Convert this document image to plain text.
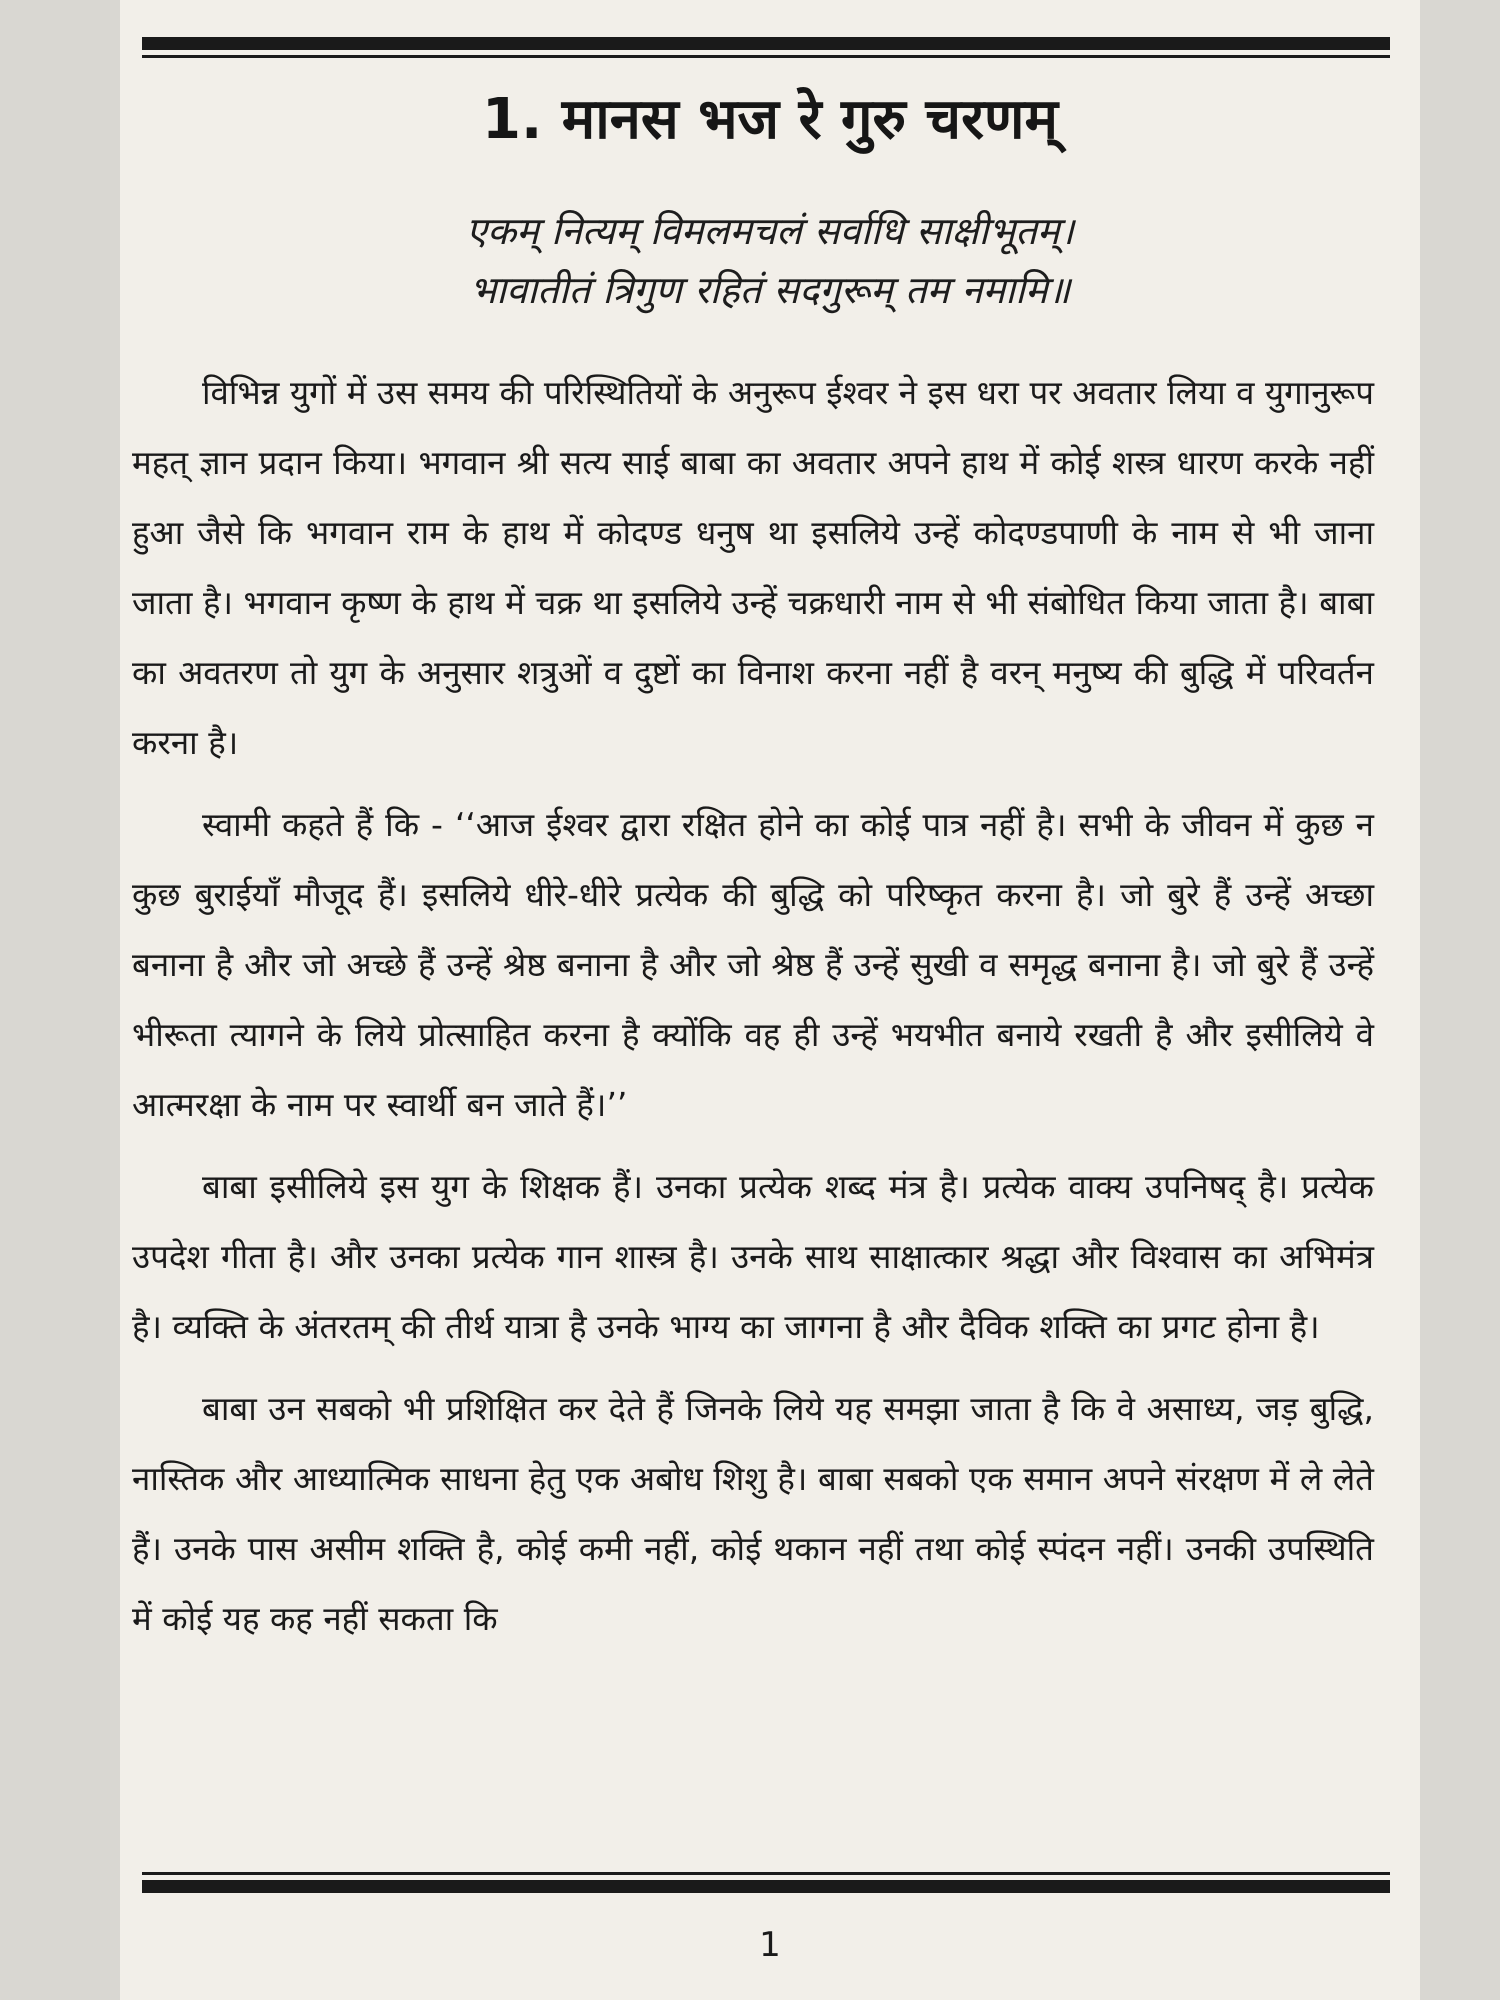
1. मानस भज रे गुरु चरणम्
एकम् नित्यम् विमलमचलं सर्वाधि साक्षीभूतम्।
भावातीतं त्रिगुण रहितं सदगुरूम् तम नमामि॥

विभिन्न युगों में उस समय की परिस्थितियों के अनुरूप ईश्वर ने इस धरा पर अवतार लिया व युगानुरूप महत् ज्ञान प्रदान किया। भगवान श्री सत्य साई बाबा का अवतार अपने हाथ में कोई शस्त्र धारण करके नहीं हुआ जैसे कि भगवान राम के हाथ में कोदण्ड धनुष था इसलिये उन्हें कोदण्डपाणी के नाम से भी जाना जाता है। भगवान कृष्ण के हाथ में चक्र था इसलिये उन्हें चक्रधारी नाम से भी संबोधित किया जाता है। बाबा का अवतरण तो युग के अनुसार शत्रुओं व दुष्टों का विनाश करना नहीं है वरन् मनुष्य की बुद्धि में परिवर्तन करना है।

स्वामी कहते हैं कि - ‘‘आज ईश्वर द्वारा रक्षित होने का कोई पात्र नहीं है। सभी के जीवन में कुछ न कुछ बुराईयाँ मौजूद हैं। इसलिये धीरे-धीरे प्रत्येक की बुद्धि को परिष्कृत करना है। जो बुरे हैं उन्हें अच्छा बनाना है और जो अच्छे हैं उन्हें श्रेष्ठ बनाना है और जो श्रेष्ठ हैं उन्हें सुखी व समृद्ध बनाना है। जो बुरे हैं उन्हें भीरूता त्यागने के लिये प्रोत्साहित करना है क्योंकि वह ही उन्हें भयभीत बनाये रखती है और इसीलिये वे आत्मरक्षा के नाम पर स्वार्थी बन जाते हैं।’’

बाबा इसीलिये इस युग के शिक्षक हैं। उनका प्रत्येक शब्द मंत्र है। प्रत्येक वाक्य उपनिषद् है। प्रत्येक उपदेश गीता है। और उनका प्रत्येक गान शास्त्र है। उनके साथ साक्षात्कार श्रद्धा और विश्वास का अभिमंत्र है। व्यक्ति के अंतरतम् की तीर्थ यात्रा है उनके भाग्य का जागना है और दैविक शक्ति का प्रगट होना है।

बाबा उन सबको भी प्रशिक्षित कर देते हैं जिनके लिये यह समझा जाता है कि वे असाध्य, जड़ बुद्धि, नास्तिक और आध्यात्मिक साधना हेतु एक अबोध शिशु है। बाबा सबको एक समान अपने संरक्षण में ले लेते हैं। उनके पास असीम शक्ति है, कोई कमी नहीं, कोई थकान नहीं तथा कोई स्पंदन नहीं। उनकी उपस्थिति में कोई यह कह नहीं सकता कि

1
